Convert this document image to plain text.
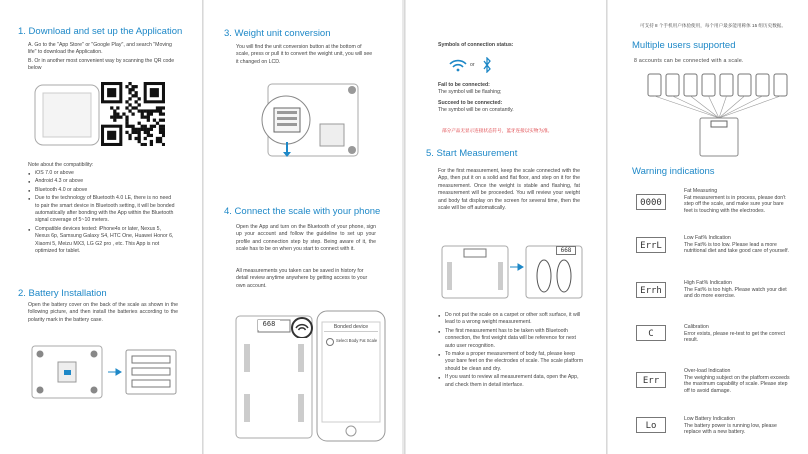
1. Download and set up the Application
A. Go to the "App Store" or "Google Play", and search "Moving life" to download the Application.
B. Or in another most convenient way by scanning the QR code below
Note about the compatibility:
● iOS 7.0 or above
● Android 4.3 or above
● Bluetooth 4.0 or above
● Due to the technology of Bluetooth 4.0 LE, there is no need to pair the smart device in Bluetooth setting, it will be bonded automatically after bonding with the App within the Bluetooth signal coverage of 5~10 meters.
● Compatible devices tested: iPhone4s or later, Nexus 5, Nexus 6p, Samsung Galaxy S4, HTC One, Huawei Honor 6, Xiaomi 5, Meizu MX3, LG G2 pro , etc. This App is not optimized for tablet.
2. Battery Installation
Open the battery cover on the back of the scale as shown in the following picture, and then install the batteries according to the polarity mark in the battery case.
3. Weight unit conversion
You will find the unit conversion button at the bottom of scale, press or pull it to convert the weight unit, you will see it changed on LCD.
4. Connect the scale with your phone
Open the App and turn on the Bluetooth of your phone, sign up your account and follow the guideline to set up your profile and connection step by step. Being aware of it, the scale has to be on when you start to connect with it.
All measurements you taken can be saved in history for detail review anytime anywhere by getting access to your own account.
668	Bonded device
Select Body Fat Scale
Symbols of connection status:
or
Fail to be connected:
The symbol will be flashing;
Succeed to be connected:
The symbol will be on constantly.
部分产品无显示连接状态符号，蓝牙连接以实物为准。
5. Start Measurement
For the first measurement, keep the scale connected with the App, then put it on a solid and flat floor, and step on it for the measurement. Once the weight is stable and flashing, fat measurement will be proceeded. You will review your weight and body fat display on the screen for several time, then the scale will be off automatically.
668
● Do not put the scale on a carpet or other soft surface, it will lead to a wrong weight measurement.
● The first measurement has to be taken with Bluetooth connection, the first weight data will be reference for next auto user recognition.
● To make a proper measurement of body fat, please keep your bare feet on the electrodes of scale. The scale platform should be clean and dry.
● If you want to review all measurement data, open the App, and check them in detail interface.
可支持 8 个手机用户体验使用，每个用户最多能用称体 15 组历史数据。
Multiple users supported
8 accounts can be connected with a scale.
Warning indications
0000
Fat Measuring
Fat measurement is in process, please don't step off the scale, and make sure your bare feet is touching with the electrodes.
ErrL
Low Fat% Indication
The Fat% is too low. Please lead a more nutritional diet and take good care of yourself.
Errh
High Fat% Indication
The Fat% is too high. Please watch your diet and do more exercise.
C
Calibration
Error exists, please re-test to get the correct result.
Err
Over-load Indication
The weighing subject on the platform exceeds the maximum capability of scale. Please step off to avoid damage.
Lo
Low Battery Indication
The battery power is running low, please replace with a new battery.
